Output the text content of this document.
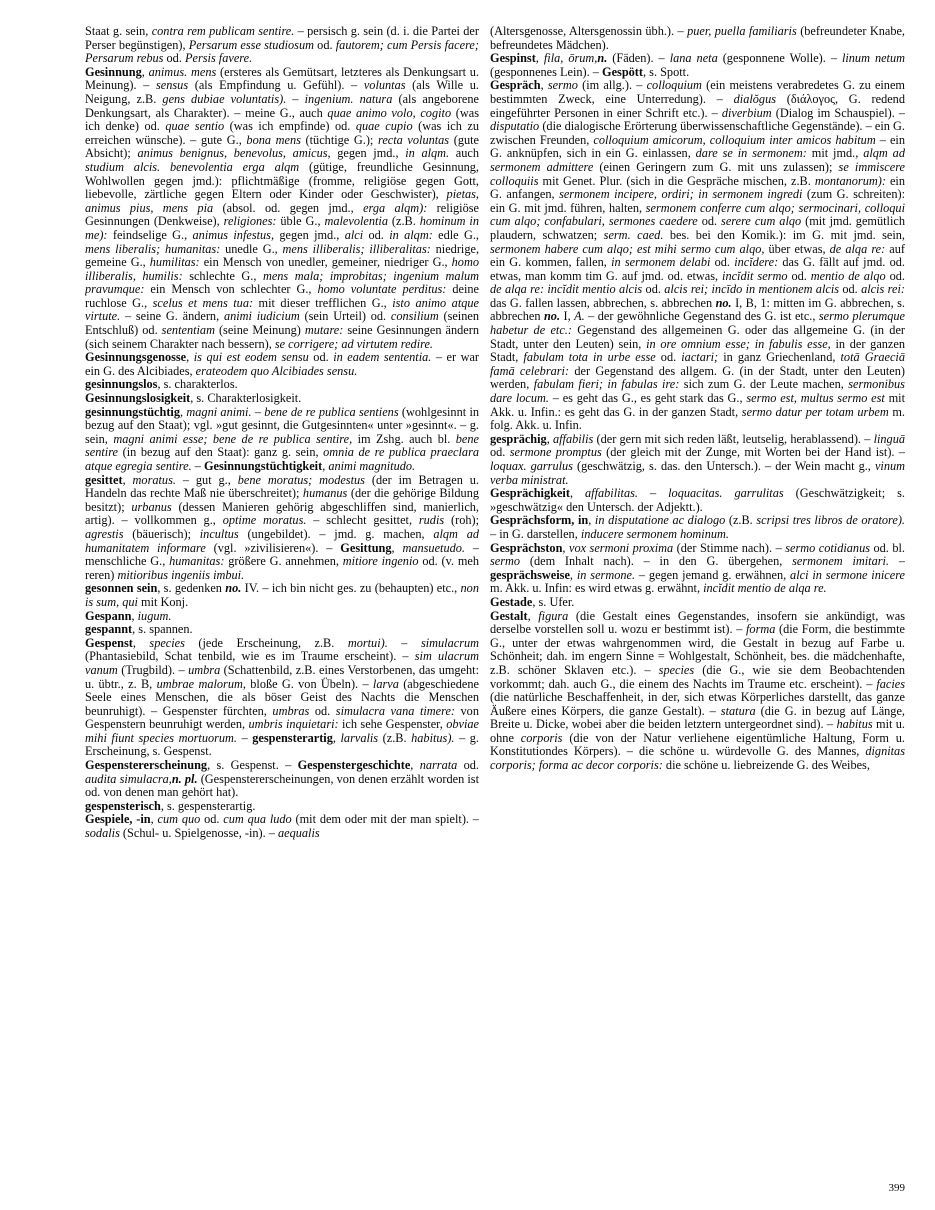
Staat g. sein, contra rem publicam sentire. – persisch g. sein (d. i. die Partei der Perser begünstigen), Persarum esse studiosum od. fautorem; cum Persis facere; Persarum rebus od. Persis favere.

Gesinnung, animus. mens (ersteres als Gemütsart, letzteres als Denkungsart u. Meinung). – sensus (als Empfindung u. Gefühl). – voluntas (als Wille u. Neigung, z.B. gens dubiae voluntatis). – ingenium. natura (als angeborene Denkungsart, als Charakter). – meine G., auch quae animo volo, cogito (was ich denke) od. quae sentio (was ich empfinde) od. quae cupio (was ich zu erreichen wünsche). – gute G., bona mens (tüchtige G.); recta voluntas (gute Absicht); animus benignus, benevolus, amicus, gegen jmd., in alqm. auch studium alcis. benevolentia erga alqm (gütige, freundliche Gesinnung, Wohlwollen gegen jmd.): pflichtmäßige (fromme, religiöse gegen Gott, liebevolle, zärtliche gegen Eltern oder Kinder oder Geschwister), pietas, animus pius, mens pia (absol. od. gegen jmd., erga alqm): religiöse Gesinnungen (Denkweise), religiones: üble G., malevolentia (z.B. hominum in me): feindselige G., animus infestus, gegen jmd., alci od. in alqm: edle G., mens liberalis; humanitas: unedle G., mens illiberalis; illiberalitas: niedrige, gemeine G., humilitas: ein Mensch von unedler, gemeiner, niedriger G., homo illiberalis, humilis: schlechte G., mens mala; improbitas; ingenium malum pravumque: ein Mensch von schlechter G., homo voluntate perditus: deine ruchlose G., scelus et mens tua: mit dieser trefflichen G., isto animo atque virtute. – seine G. ändern, animi iudicium (sein Urteil) od. consilium (seinen Entschluß) od. sententiam (seine Meinung) mutare: seine Gesinnungen ändern (sich seinem Charakter nach bessern), se corrigere; ad virtutem redire.

Gesinnungsgenosse, is qui est eodem sensu od. in eadem sententia. – er war ein G. des Alcibiades, erateodem quo Alcibiades sensu.

gesinnungslos, s. charakterlos.

Gesinnungslosigkeit, s. Charakterlosigkeit.

gesinnungstüchtig, magni animi. – bene de re publica sentiens (wohlgesinnt in bezug auf den Staat); vgl. »gut gesinnt, die Gutgesinnten« unter »gesinnt«. – g. sein, magni animi esse; bene de re publica sentire, im Zshg. auch bl. bene sentire (in bezug auf den Staat): ganz g. sein, omnia de re publica praeclara atque egregia sentire. – Gesinnungstüchtigkeit, animi magnitudo.

gesittet, moratus. – gut g., bene moratus; modestus (der im Betragen u. Handeln das rechte Maß nie überschreitet); humanus (der die gehörige Bildung besitzt); urbanus (dessen Manieren gehörig abgeschliffen sind, manierlich, artig). – vollkommen g., optime moratus. – schlecht gesittet, rudis (roh); agrestis (bäuerisch); incultus (ungebildet). – jmd. g. machen, alqm ad humanitatem informare (vgl. »zivilisieren«). – Gesittung, mansuetudo. – menschliche G., humanitas: größere G. annehmen, mitiore ingenio od. (v. meh reren) mitioribus ingeniis imbui.

gesonnen sein, s. gedenken no. IV. – ich bin nicht ges. zu (behaupten) etc., non is sum, qui mit Konj.

Gespann, iugum.

gespannt, s. spannen.

Gespenst, species (jede Erscheinung, z.B. mortui). – simulacrum (Phantasiebild, Schat tenbild, wie es im Traume erscheint). – sim ulacrum vanum (Trugbild). – umbra (Schattenbild, z.B. eines Verstorbenen, das umgeht: u. übtr., z. B, umbrae malorum, bloße G. von Übeln). – larva (abgeschiedene Seele eines Menschen, die als böser Geist des Nachts die Menschen beunruhigt). – Gespenster fürchten, umbras od. simulacra vana timere: von Gespenstern beunruhigt werden, umbris inquietari: ich sehe Gespenster, obviae mihi fiunt species mortuorum. – gespensterartig, larvalis (z.B. habitus). – g. Erscheinung, s. Gespenst.

Gespenstererscheinung, s. Gespenst. – Gespenstergeschichte, narrata od. audita simulacra,n. pl. (Gespenstererscheinungen, von denen erzählt worden ist od. von denen man gehört hat).

gespensterisch, s. gespensterartig.

Gespiele, -in, cum quo od. cum qua ludo (mit dem oder mit der man spielt). – sodalis (Schul- u. Spielgenosse, -in). – aequalis

(Altersgenosse, Altersgenossin übh.). – puer, puella familiaris (befreundeter Knabe, befreundetes Mädchen).

Gespinst, fila, ōrum,n. (Fäden). – lana neta (gesponnene Wolle). – linum netum (gesponnenes Lein). – Gespött, s. Spott.

Gespräch, sermo (im allg.). – colloquium (ein meistens verabredetes G. zu einem bestimmten Zweck, eine Unterredung). – dialŏgus (διάλογος, G. redend eingeführter Personen in einer Schrift etc.). – diverbium (Dialog im Schauspiel). – disputatio (die dialogische Erörterung überwissenschaftliche Gegenstände). – ein G. zwischen Freunden, colloquium amicorum, colloquium inter amicos habitum – ein G. anknüpfen, sich in ein G. einlassen, dare se in sermonem: mit jmd., alqm ad sermonem admittere (einen Geringern zum G. mit uns zulassen); se immiscere colloquiis mit Genet. Plur. (sich in die Gespräche mischen, z.B. montanorum): ein G. anfangen, sermonem incipere, ordiri; in sermonem ingredi (zum G. schreiten): ein G. mit jmd. führen, halten, sermonem conferre cum alqo; sermocinari, colloqui cum alqo; confabulari, sermones caedere od. serere cum alqo (mit jmd. gemütlich plaudern, schwatzen; serm. caed. bes. bei den Komik.): im G. mit jmd. sein, sermonem habere cum alqo; est mihi sermo cum alqo, über etwas, de alqa re: auf ein G. kommen, fallen, in sermonem delabi od. incĭdere: das G. fällt auf jmd. od. etwas, man komm tim G. auf jmd. od. etwas, incĭdit sermo od. mentio de alqo od. de alqa re: incĭdit mentio alcis od. alcis rei; incīdo in mentionem alcis od. alcis rei: das G. fallen lassen, abbrechen, s. abbrechen no. I, B, 1: mitten im G. abbrechen, s. abbrechen no. I, A. – der gewöhnliche Gegenstand des G. ist etc., sermo plerumque habetur de etc.: Gegenstand des allgemeinen G. oder das allgemeine G. (in der Stadt, unter den Leuten) sein, in ore omnium esse; in fabulis esse, in der ganzen Stadt, fabulam tota in urbe esse od. iactari; in ganz Griechenland, totā Graeciā famā celebrari: der Gegenstand des allgem. G. (in der Stadt, unter den Leuten) werden, fabulam fieri; in fabulas ire: sich zum G. der Leute machen, sermonibus dare locum. – es geht das G., es geht stark das G., sermo est, multus sermo est mit Akk. u. Infin.: es geht das G. in der ganzen Stadt, sermo datur per totam urbem m. folg. Akk. u. Infin.

gesprächig, affabilis (der gern mit sich reden läßt, leutselig, herablassend). – linguā od. sermone promptus (der gleich mit der Zunge, mit Worten bei der Hand ist). – loquax. garrulus (geschwätzig, s. das. den Untersch.). – der Wein macht g., vinum verba ministrat.

Gesprächigkeit, affabilitas. – loquacitas. garrulitas (Geschwätzigkeit; s. »geschwätzig« den Untersch. der Adjektt.).

Gesprächsform, in, in disputatione ac dialogo (z.B. scripsi tres libros de oratore). – in G. darstellen, inducere sermonem hominum.

Gesprächston, vox sermoni proxima (der Stimme nach). – sermo cotidianus od. bl. sermo (dem Inhalt nach). – in den G. übergehen, sermonem imitari. – gesprächsweise, in sermone. – gegen jemand g. erwähnen, alci in sermone inicere m. Akk. u. Infin: es wird etwas g. erwähnt, incĭdit mentio de alqa re.

Gestade, s. Ufer.

Gestalt, figura (die Gestalt eines Gegenstandes, insofern sie ankündigt, was derselbe vorstellen soll u. wozu er bestimmt ist). – forma (die Form, die bestimmte G., unter der etwas wahrgenommen wird, die Gestalt in bezug auf Farbe u. Schönheit; dah. im engern Sinne = Wohlgestalt, Schönheit, bes. die mädchenhafte, z.B. schöner Sklaven etc.). – species (die G., wie sie dem Beobachtenden vorkommt; dah. auch G., die einem des Nachts im Traume etc. erscheint). – facies (die natürliche Beschaffenheit, in der, sich etwas Körperliches darstellt, das ganze Äußere eines Körpers, die ganze Gestalt). – statura (die G. in bezug auf Länge, Breite u. Dicke, wobei aber die beiden letztern untergeordnet sind). – habitus mit u. ohne corporis (die von der Natur verliehene eigentümliche Haltung, Form u. Konstitutiondes Körpers). – die schöne u. würdevolle G. des Mannes, dignitas corporis; forma ac decor corporis: die schöne u. liebreizende G. des Weibes,

399
